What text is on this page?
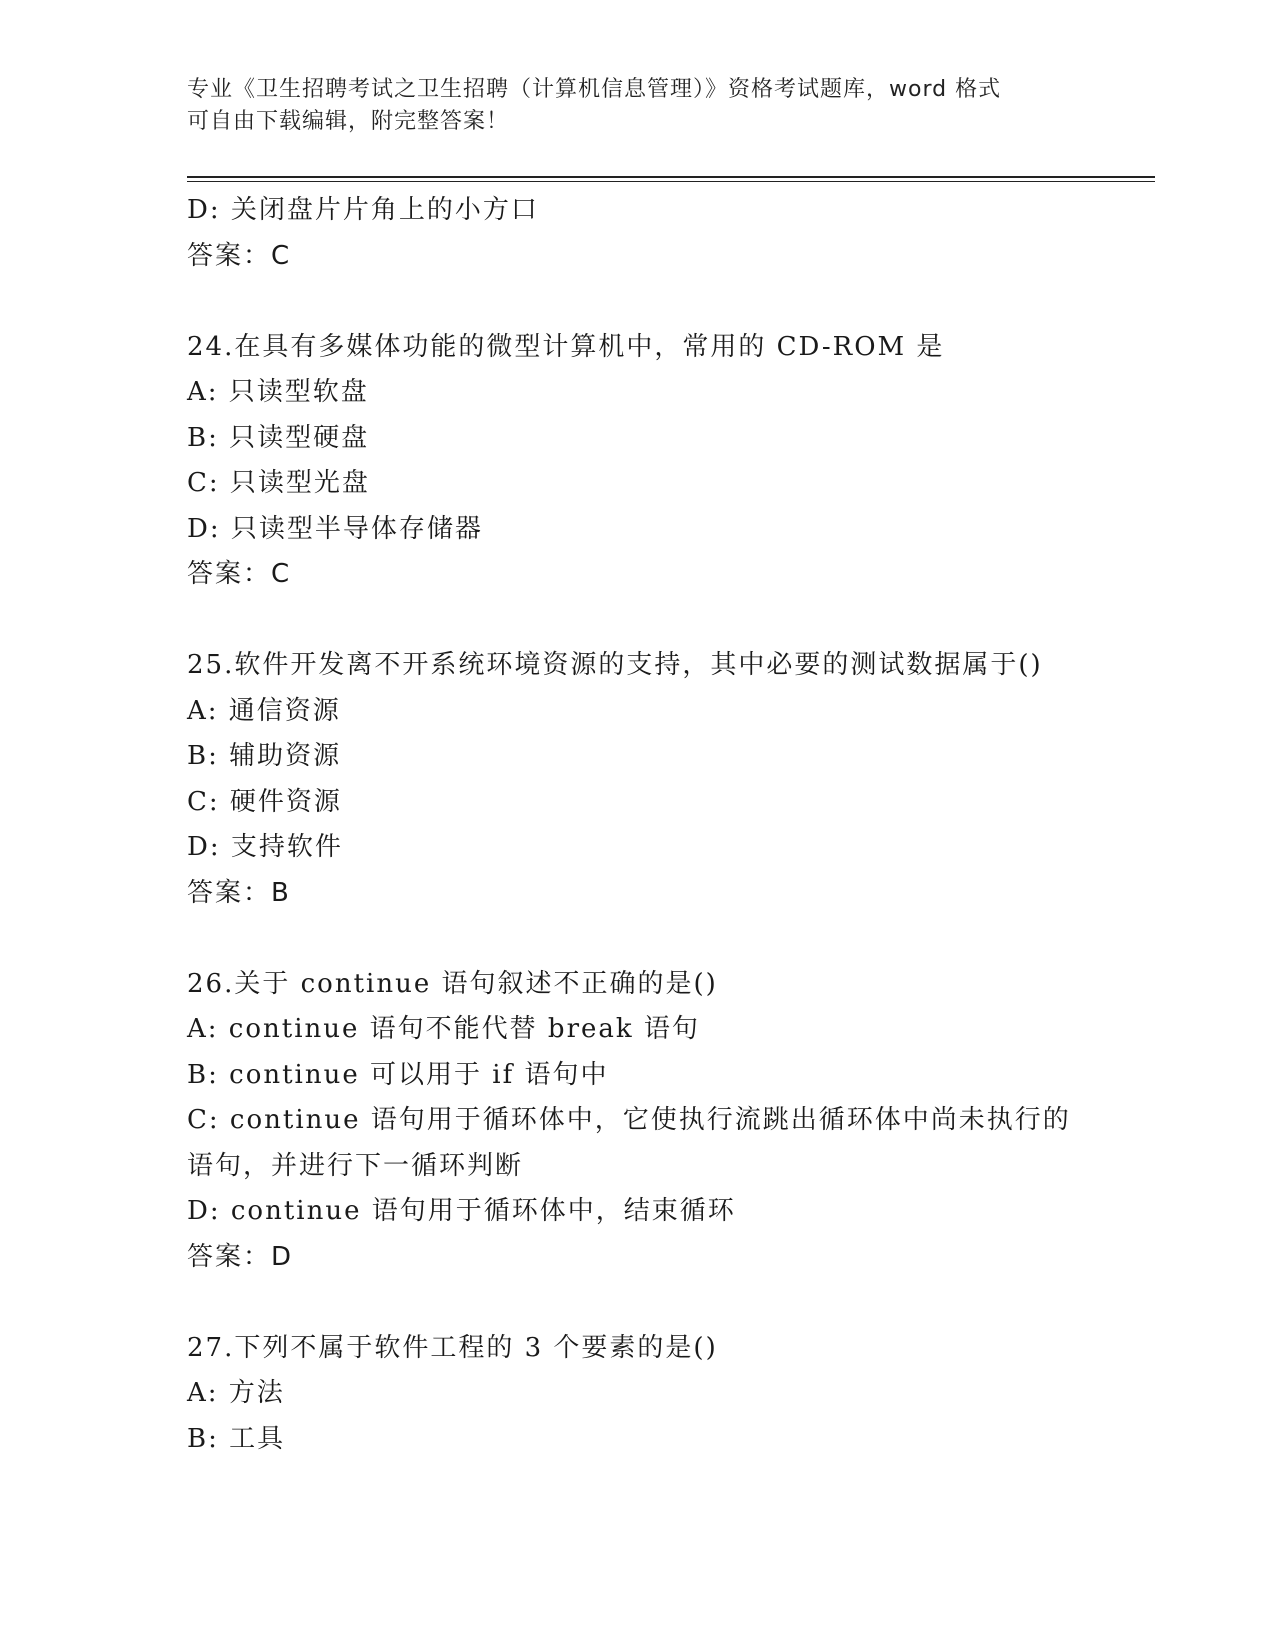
专业《卫生招聘考试之卫生招聘（计算机信息管理）》资格考试题库，word 格式
可自由下载编辑，附完整答案！
D: 关闭盘片片角上的小方口
答案：C
24.在具有多媒体功能的微型计算机中，常用的 CD-ROM 是
A: 只读型软盘
B: 只读型硬盘
C: 只读型光盘
D: 只读型半导体存储器
答案：C
25.软件开发离不开系统环境资源的支持，其中必要的测试数据属于()
A: 通信资源
B: 辅助资源
C: 硬件资源
D: 支持软件
答案：B
26.关于 continue 语句叙述不正确的是()
A: continue 语句不能代替 break 语句
B: continue 可以用于 if 语句中
C: continue 语句用于循环体中，它使执行流跳出循环体中尚未执行的
语句，并进行下一循环判断
D: continue 语句用于循环体中，结束循环
答案：D
27.下列不属于软件工程的 3 个要素的是()
A: 方法
B: 工具
